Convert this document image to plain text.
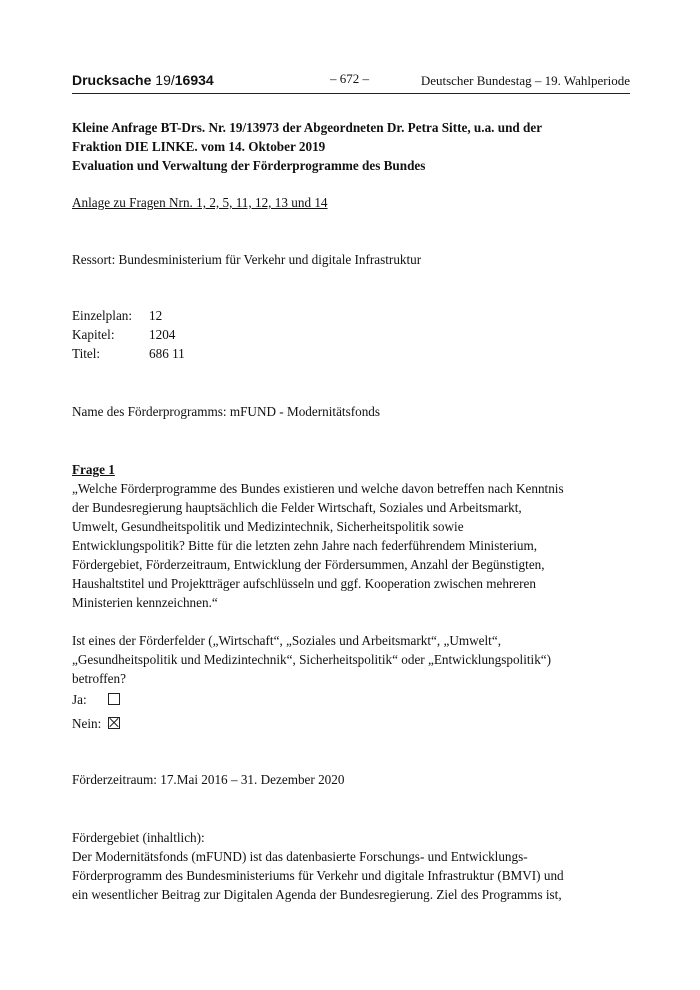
Drucksache 19/16934	– 672 –	Deutscher Bundestag – 19. Wahlperiode
Kleine Anfrage BT-Drs. Nr. 19/13973 der Abgeordneten Dr. Petra Sitte, u.a. und der
Fraktion DIE LINKE. vom 14. Oktober 2019
Evaluation und Verwaltung der Förderprogramme des Bundes
Anlage zu Fragen Nrn. 1, 2, 5, 11, 12, 13 und 14
Ressort: Bundesministerium für Verkehr und digitale Infrastruktur
Einzelplan: 12
Kapitel:	1204
Titel:	686 11
Name des Förderprogramms: mFUND - Modernitätsfonds
Frage 1
„Welche Förderprogramme des Bundes existieren und welche davon betreffen nach Kenntnis
der Bundesregierung hauptsächlich die Felder Wirtschaft, Soziales und Arbeitsmarkt,
Umwelt, Gesundheitspolitik und Medizintechnik, Sicherheitspolitik sowie
Entwicklungspolitik? Bitte für die letzten zehn Jahre nach federführendem Ministerium,
Fördergebiet, Förderzeitraum, Entwicklung der Fördersummen, Anzahl der Begünstigten,
Haushaltstitel und Projektträger aufschlüsseln und ggf. Kooperation zwischen mehreren
Ministerien kennzeichnen.“
Ist eines der Förderfelder („Wirtschaft“, „Soziales und Arbeitsmarkt“, „Umwelt“,
„Gesundheitspolitik und Medizintechnik“, Sicherheitspolitik“ oder „Entwicklungspolitik“)
betroffen?
Ja:
Nein:
Förderzeitraum: 17.Mai 2016 – 31. Dezember 2020
Fördergebiet (inhaltlich):
Der Modernitätsfonds (mFUND) ist das datenbasierte Forschungs- und Entwicklungs-
Förderprogramm des Bundesministeriums für Verkehr und digitale Infrastruktur (BMVI) und
ein wesentlicher Beitrag zur Digitalen Agenda der Bundesregierung. Ziel des Programms ist,
